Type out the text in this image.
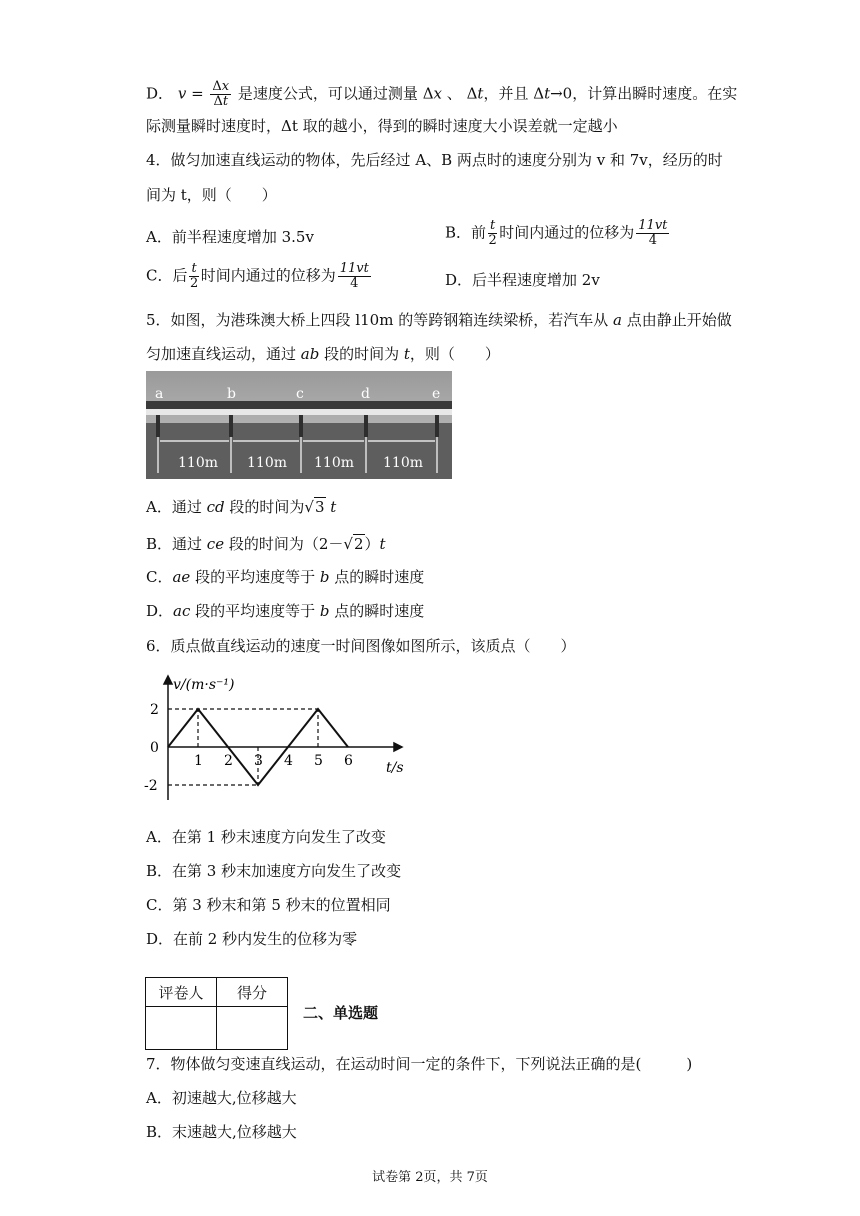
D． $v = \frac{\Delta x}{\Delta t}$ 是速度公式，可以通过测量 Δx 、 Δt，并且 Δt→0，计算出瞬时速度。在实
际测量瞬时速度时，Δt 取的越小，得到的瞬时速度大小误差就一定越小
4．做匀加速直线运动的物体，先后经过 A、B 两点时的速度分别为 v 和 7v，经历的时
间为 t，则（　　）
A．前半程速度增加 3.5v	B．前 $\frac{t}{2}$ 时间内通过的位移为 $\frac{11vt}{4}$
C．后 $\frac{t}{2}$ 时间内通过的位移为 $\frac{11vt}{4}$	D．后半程速度增加 2v
5．如图，为港珠澳大桥上四段 l10m 的等跨钢箱连续梁桥，若汽车从 a 点由静止开始做
匀加速直线运动，通过 ab 段的时间为 t，则（　　）
a	b	c	d	e
110m 110m 110m 110m
A．通过 cd 段的时间为√3 t
B．通过 ce 段的时间为（2－√2）t
C．ae 段的平均速度等于 b 点的瞬时速度
D．ac 段的平均速度等于 b 点的瞬时速度
6．质点做直线运动的速度一时间图像如图所示，该质点（　　）
v/(m·s⁻¹)
t/s
1 2 3 4 5 6
2
0
-2
A．在第 1 秒末速度方向发生了改变
B．在第 3 秒末加速度方向发生了改变
C．第 3 秒末和第 5 秒末的位置相同
D．在前 2 秒内发生的位移为零
评卷人	得分

二、单选题
7．物体做匀变速直线运动，在运动时间一定的条件下，下列说法正确的是(　　　)
A．初速越大,位移越大
B．末速越大,位移越大
试卷第 2页，共 7页
